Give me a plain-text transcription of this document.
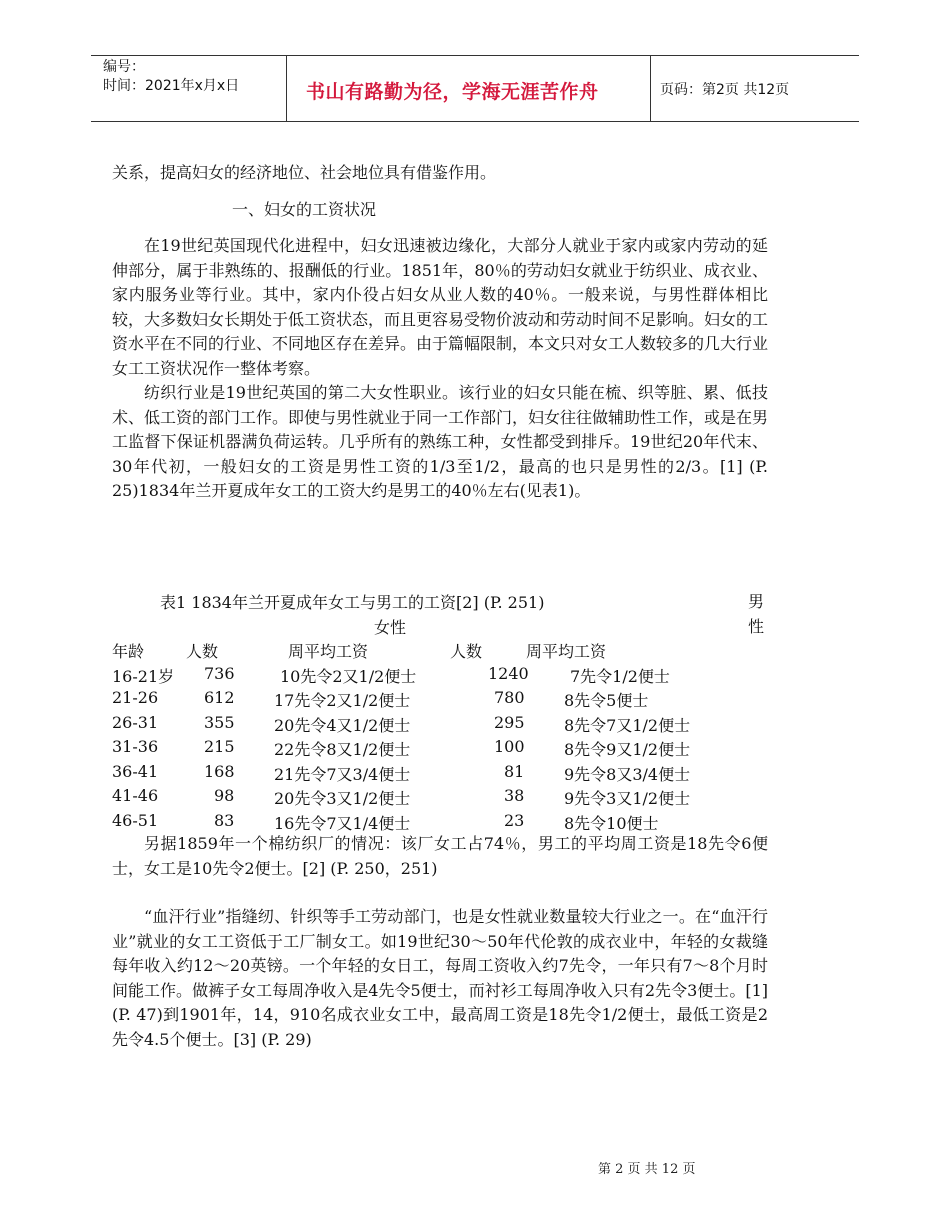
编号：
时间：2021年x月x日	书山有路勤为径，学海无涯苦作舟	页码：第2页 共12页

关系，提高妇女的经济地位、社会地位具有借鉴作用。

一、妇女的工资状况

在19世纪英国现代化进程中，妇女迅速被边缘化，大部分人就业于家内或家内劳动的延伸部分，属于非熟练的、报酬低的行业。1851年，80％的劳动妇女就业于纺织业、成衣业、家内服务业等行业。其中，家内仆役占妇女从业人数的40％。一般来说，与男性群体相比较，大多数妇女长期处于低工资状态，而且更容易受物价波动和劳动时间不足影响。妇女的工资水平在不同的行业、不同地区存在差异。由于篇幅限制，本文只对女工人数较多的几大行业女工工资状况作一整体考察。

纺织行业是19世纪英国的第二大女性职业。该行业的妇女只能在梳、织等脏、累、低技术、低工资的部门工作。即使与男性就业于同一工作部门，妇女往往做辅助性工作，或是在男工监督下保证机器满负荷运转。几乎所有的熟练工种，女性都受到排斥。19世纪20年代末、30年代初，一般妇女的工资是男性工资的1/3至1/2，最高的也只是男性的2/3。[1] (P. 25)1834年兰开夏成年女工的工资大约是男工的40％左右(见表1)。

表1 1834年兰开夏成年女工与男工的工资[2] (P. 251)	男性
女性
年龄	人数	周平均工资	人数	周平均工资
16-21岁 736	10先令2又1/2便士	1240	7先令1/2便士
21-26	612 17先令2又1/2便士	780 8先令5便士
26-31	355 20先令4又1/2便士	295 8先令7又1/2便士
31-36	215 22先令8又1/2便士	100 8先令9又1/2便士
36-41	168 21先令7又3/4便士	81 9先令8又3/4便士
41-46	98 20先令3又1/2便士	38 9先令3又1/2便士
46-51	83 16先令7又1/4便士	23 8先令10便士

另据1859年一个棉纺织厂的情况：该厂女工占74％，男工的平均周工资是18先令6便士，女工是10先令2便士。[2] (P. 250，251)

“血汗行业”指缝纫、针织等手工劳动部门，也是女性就业数量较大行业之一。在“血汗行业”就业的女工工资低于工厂制女工。如19世纪30～50年代伦敦的成衣业中，年轻的女裁缝每年收入约12～20英镑。一个年轻的女日工，每周工资收入约7先令，一年只有7～8个月时间能工作。做裤子女工每周净收入是4先令5便士，而衬衫工每周净收入只有2先令3便士。[1] (P. 47)到1901年，14，910名成衣业女工中，最高周工资是18先令1/2便士，最低工资是2先令4.5个便士。[3] (P. 29)

第 2 页 共 12 页
